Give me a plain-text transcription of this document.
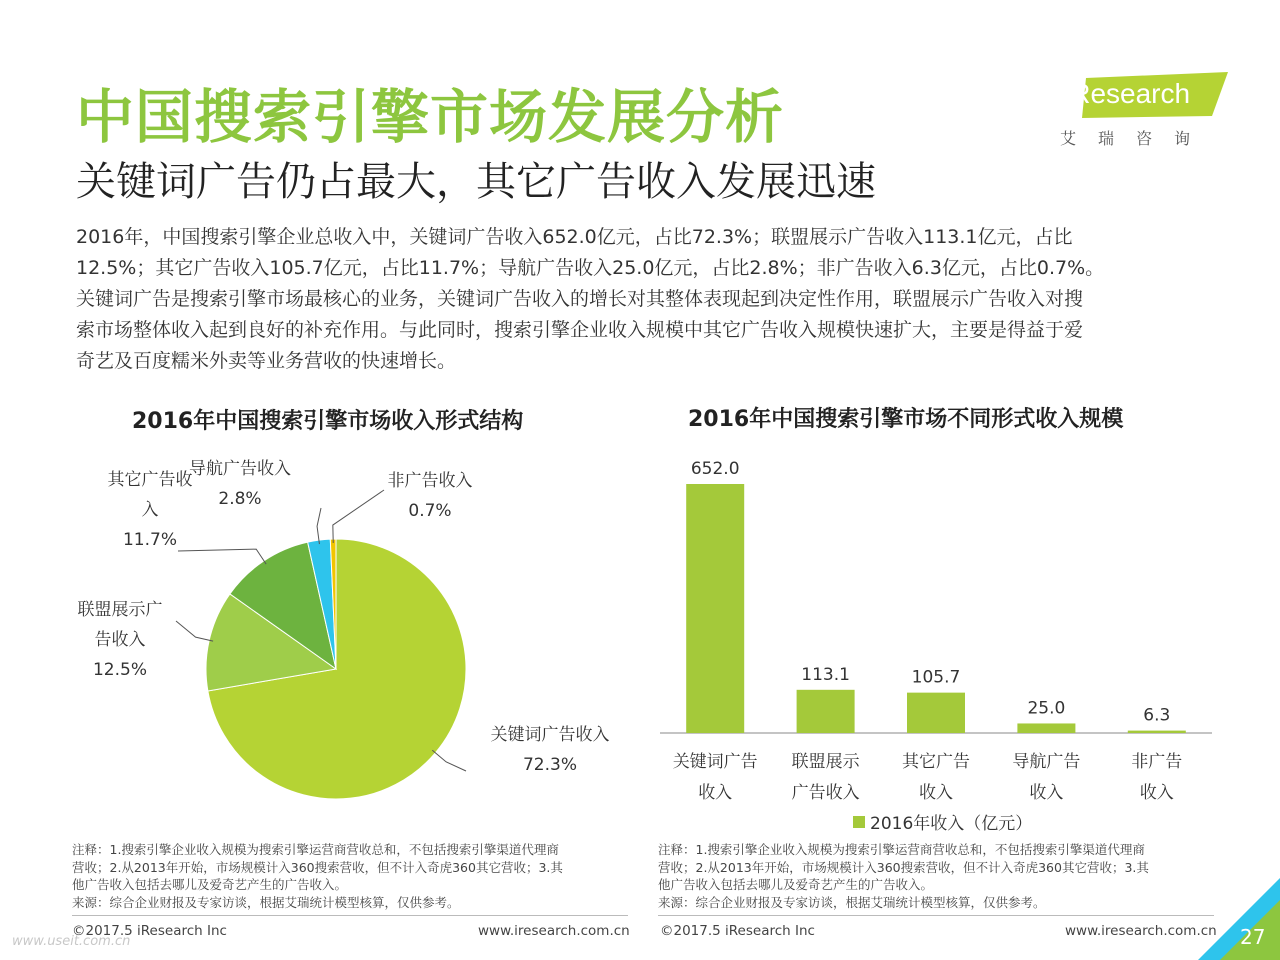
中国搜索引擎市场发展分析
关键词广告仍占最大，其它广告收入发展迅速
iResearch
艾瑞咨询

2016年，中国搜索引擎企业总收入中，关键词广告收入652.0亿元，占比72.3%；联盟展示广告收入113.1亿元，占比

12.5%；其它广告收入105.7亿元，占比11.7%；导航广告收入25.0亿元，占比2.8%；非广告收入6.3亿元，占比0.7%。

关键词广告是搜索引擎市场最核心的业务，关键词广告收入的增长对其整体表现起到决定性作用，联盟展示广告收入对搜

索市场整体收入起到良好的补充作用。与此同时，搜索引擎企业收入规模中其它广告收入规模快速扩大，主要是得益于爱

奇艺及百度糯米外卖等业务营收的快速增长。

2016年中国搜索引擎市场收入形式结构	2016年中国搜索引擎市场不同形式收入规模
关键词广告收入
72.3%
联盟展示广
告收入
12.5%
其它广告收
入
11.7%
导航广告收入
2.8%
非广告收入
0.7%
652.0
关键词广告
收入
113.1
联盟展示
广告收入
105.7
其它广告
收入
25.0
导航广告
收入
6.3
非广告
收入
2016年收入（亿元）

注释：1.搜索引擎企业收入规模为搜索引擎运营商营收总和，不包括搜索引擎渠道代理商

营收；2.从2013年开始，市场规模计入360搜索营收，但不计入奇虎360其它营收；3.其

他广告收入包括去哪儿及爱奇艺产生的广告收入。

来源：综合企业财报及专家访谈，根据艾瑞统计模型核算，仅供参考。

注释：1.搜索引擎企业收入规模为搜索引擎运营商营收总和，不包括搜索引擎渠道代理商

营收；2.从2013年开始，市场规模计入360搜索营收，但不计入奇虎360其它营收；3.其

他广告收入包括去哪儿及爱奇艺产生的广告收入。

来源：综合企业财报及专家访谈，根据艾瑞统计模型核算，仅供参考。

©2017.5 iResearch Inc	www.iresearch.com.cn ©2017.5 iResearch Inc	www.iresearch.com.cn
www.useit.com.cn	27
